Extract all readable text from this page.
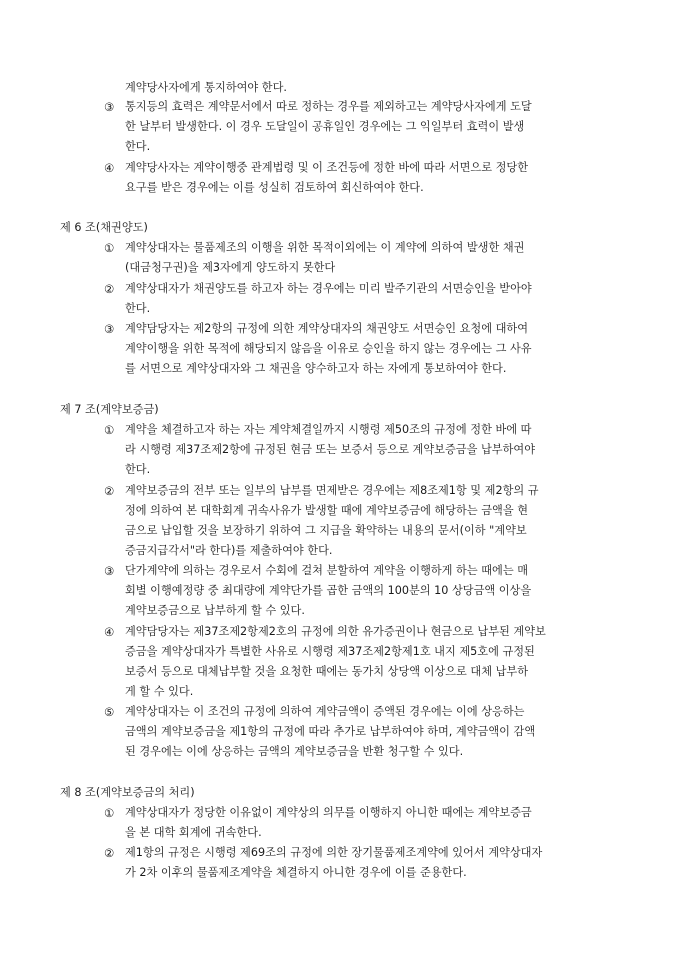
계약당사자에게 통지하여야 한다.
③ 통지등의 효력은 계약문서에서 따로 정하는 경우를 제외하고는 계약당사자에게 도달
한 날부터 발생한다. 이 경우 도달일이 공휴일인 경우에는 그 익일부터 효력이 발생
한다.
④ 계약당사자는 계약이행중 관계법령 및 이 조건등에 정한 바에 따라 서면으로 정당한
요구를 받은 경우에는 이를 성실히 검토하여 회신하여야 한다.
제 6 조(채권양도)
① 계약상대자는 물품제조의 이행을 위한 목적이외에는 이 계약에 의하여 발생한 채권
(대금청구권)을 제3자에게 양도하지 못한다
② 계약상대자가 채권양도를 하고자 하는 경우에는 미리 발주기관의 서면승인을 받아야
한다.
③ 계약담당자는 제2항의 규정에 의한 계약상대자의 채권양도 서면승인 요청에 대하여
계약이행을 위한 목적에 해당되지 않음을 이유로 승인을 하지 않는 경우에는 그 사유
를 서면으로 계약상대자와 그 채권을 양수하고자 하는 자에게 통보하여야 한다.
제 7 조(계약보증금)
① 계약을 체결하고자 하는 자는 계약체결일까지 시행령 제50조의 규정에 정한 바에 따
라 시행령 제37조제2항에 규정된 현금 또는 보증서 등으로 계약보증금을 납부하여야
한다.
② 계약보증금의 전부 또는 일부의 납부를 면제받은 경우에는 제8조제1항 및 제2항의 규
정에 의하여 본 대학회계 귀속사유가 발생할 때에 계약보증금에 해당하는 금액을 현
금으로 납입할 것을 보장하기 위하여 그 지급을 확약하는 내용의 문서(이하 "계약보
증금지급각서"라 한다)를 제출하여야 한다.
③ 단가계약에 의하는 경우로서 수회에 걸쳐 분할하여 계약을 이행하게 하는 때에는 매
회별 이행예정량 중 최대량에 계약단가를 곱한 금액의 100분의 10 상당금액 이상을
계약보증금으로 납부하게 할 수 있다.
④ 계약담당자는 제37조제2항제2호의 규정에 의한 유가증권이나 현금으로 납부된 계약보
증금을 계약상대자가 특별한 사유로 시행령 제37조제2항제1호 내지 제5호에 규정된
보증서 등으로 대체납부할 것을 요청한 때에는 동가치 상당액 이상으로 대체 납부하
게 할 수 있다.
⑤ 계약상대자는 이 조건의 규정에 의하여 계약금액이 증액된 경우에는 이에 상응하는
금액의 계약보증금을 제1항의 규정에 따라 추가로 납부하여야 하며, 계약금액이 감액
된 경우에는 이에 상응하는 금액의 계약보증금을 반환 청구할 수 있다.
제 8 조(계약보증금의 처리)
① 계약상대자가 정당한 이유없이 계약상의 의무를 이행하지 아니한 때에는 계약보증금
을 본 대학 회계에 귀속한다.
② 제1항의 규정은 시행령 제69조의 규정에 의한 장기물품제조계약에 있어서 계약상대자
가 2차 이후의 물품제조계약을 체결하지 아니한 경우에 이를 준용한다.
